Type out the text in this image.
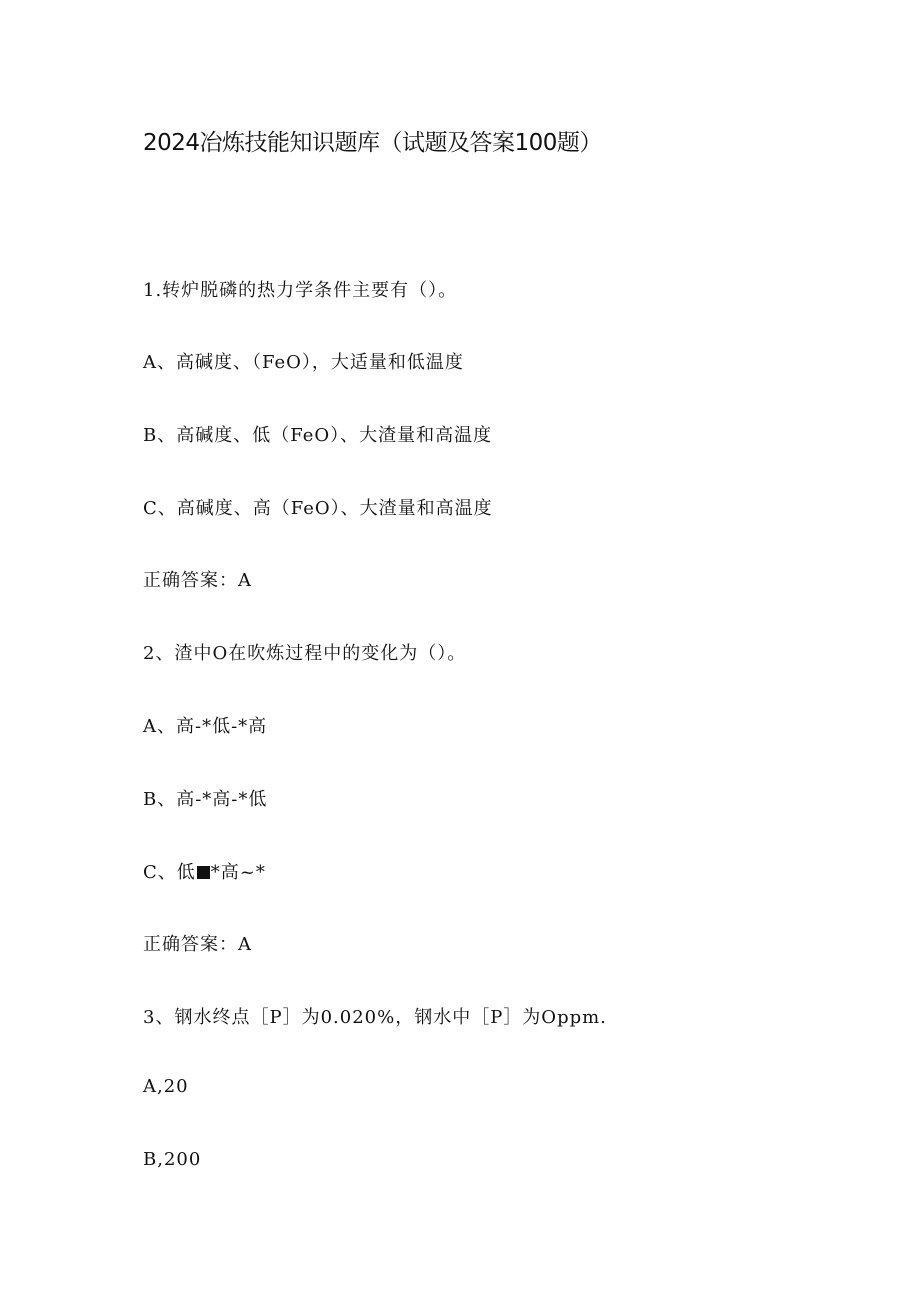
2024冶炼技能知识题库（试题及答案100题）

1.转炉脱磷的热力学条件主要有（）。

A、高碱度、（FeO），大适量和低温度

B、高碱度、低（FeO）、大渣量和高温度

C、高碱度、高（FeO）、大渣量和高温度

正确答案：A

2、渣中O在吹炼过程中的变化为（）。

A、高-*低-*高

B、高-*高-*低

C、低 *高~*

正确答案：A

3、钢水终点［P］为0.020%，钢水中［P］为Oppm.

A,20

B,200
